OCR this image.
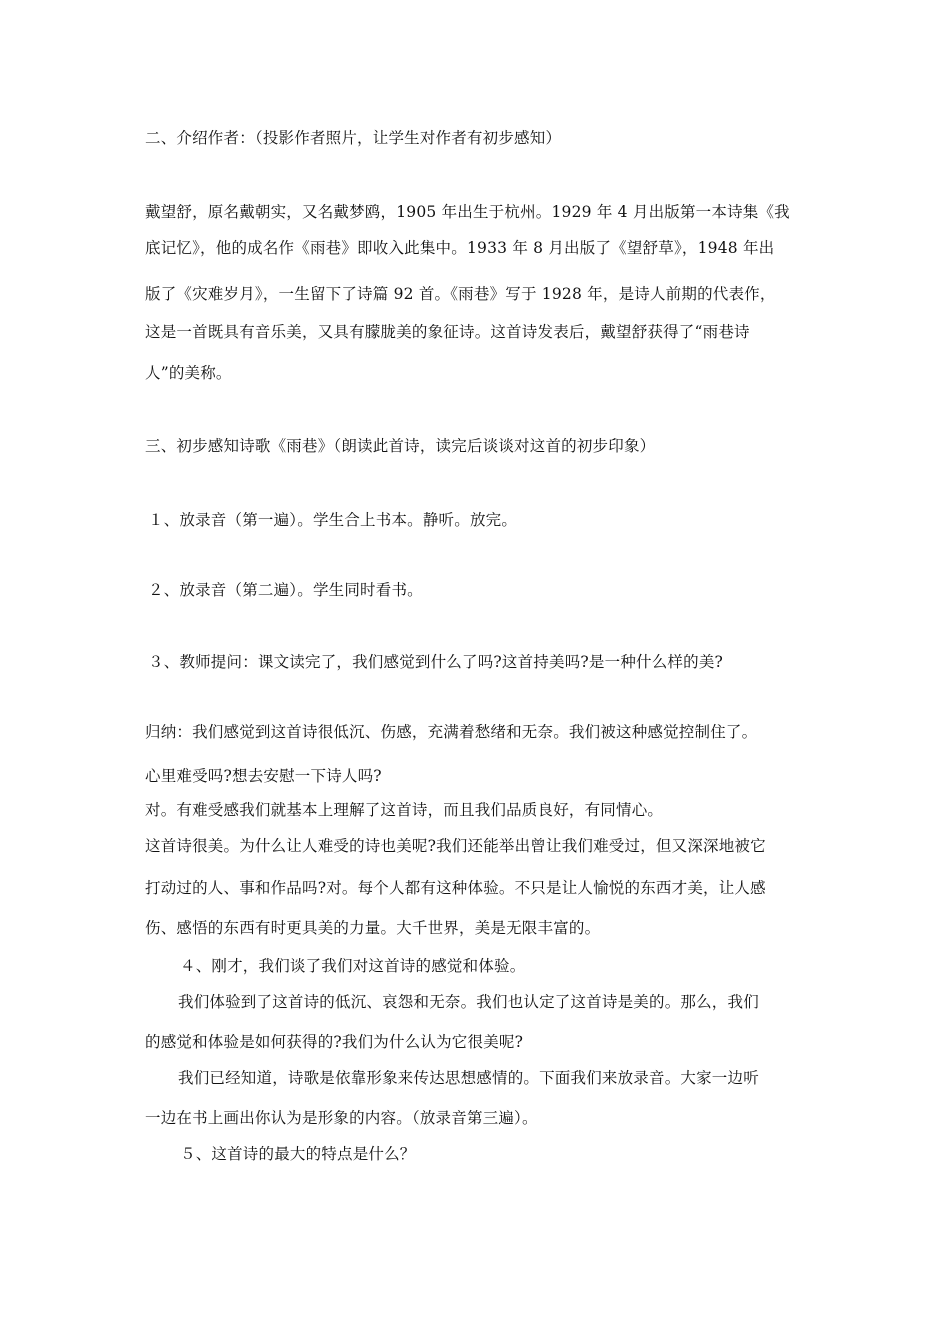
二、介绍作者：（投影作者照片，让学生对作者有初步感知）
戴望舒，原名戴朝实，又名戴梦鸥，1905 年出生于杭州。1929 年 4 月出版第一本诗集《我
底记忆》，他的成名作《雨巷》即收入此集中。1933 年 8 月出版了《望舒草》，1948 年出
版了《灾难岁月》，一生留下了诗篇 92 首。《雨巷》写于 1928 年，是诗人前期的代表作，
这是一首既具有音乐美，又具有朦胧美的象征诗。这首诗发表后，戴望舒获得了“雨巷诗
人”的美称。
三、初步感知诗歌《雨巷》（朗读此首诗，读完后谈谈对这首的初步印象）
１、放录音（第一遍）。学生合上书本。静听。放完。
２、放录音（第二遍）。学生同时看书。
３、教师提问：课文读完了，我们感觉到什么了吗?这首持美吗?是一种什么样的美?
归纳：我们感觉到这首诗很低沉、伤感，充满着愁绪和无奈。我们被这种感觉控制住了。
心里难受吗?想去安慰一下诗人吗?
对。有难受感我们就基本上理解了这首诗，而且我们品质良好，有同情心。
这首诗很美。为什么让人难受的诗也美呢?我们还能举出曾让我们难受过，但又深深地被它
打动过的人、事和作品吗?对。每个人都有这种体验。不只是让人愉悦的东西才美，让人感
伤、感悟的东西有时更具美的力量。大千世界，美是无限丰富的。
４、刚才，我们谈了我们对这首诗的感觉和体验。
我们体验到了这首诗的低沉、哀怨和无奈。我们也认定了这首诗是美的。那么，我们
的感觉和体验是如何获得的?我们为什么认为它很美呢?
我们已经知道，诗歌是依靠形象来传达思想感情的。下面我们来放录音。大家一边听
一边在书上画出你认为是形象的内容。（放录音第三遍）。
５、这首诗的最大的特点是什么？
